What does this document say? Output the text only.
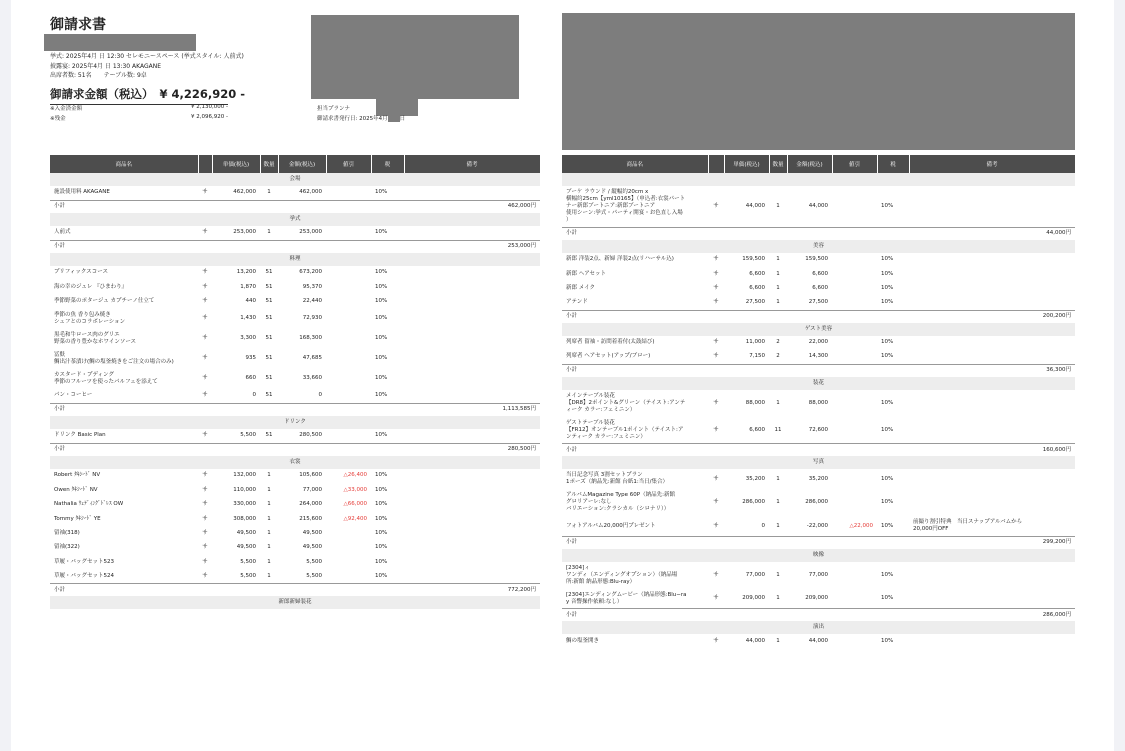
御請求書
挙式: 2025年4月 日 12:30 セレモニースペース (挙式スタイル: 人前式)
披露宴: 2025年4月 日 13:30 AKAGANE
出席者数: 51名　　テーブル数: 9卓
御請求金額（税込） ¥ 4,226,920 -
※入金済金額	¥ 2,130,000 -
※残金	¥ 2,096,920 -
担当プランナ
御請求書発行日: 2025年4月 日
商品名		単価(税込)	数量	金額(税込)	値引	税	備考
会場							
施設使用料 AKAGANE	サ	462,000	1	462,000		10%	
小計				462,000円			
挙式							
人前式	サ	253,000	1	253,000		10%	
小計				253,000円			
料理							
プリフィックスコース	サ	13,200	51	673,200		10%	
海の幸のジュレ 『ひまわり』	サ	1,870	51	95,370		10%	
季節野菜のポタージュ カプチーノ仕立て	サ	440	51	22,440		10%	
季節の魚 香り包み焼き
シェフとのコラボレーション	サ	1,430	51	72,930		10%	
黒毛和牛ロース肉のグリエ
野菜の香り豊かなホワインソース	サ	3,300	51	168,300		10%	
冨麩
鯛出汁茶漬け(鯛の塩釜焼きをご注文の場合のみ)	サ	935	51	47,685		10%	
カスタード・プディング
季節のフルーツを使ったパルフェを添えて	サ	660	51	33,660		10%	
パン・コーヒー	サ	0	51	0		10%	
小計				1,113,585円			
ドリンク							
ドリンク Basic Plan	サ	5,500	51	280,500		10%	
小計				280,500円			
衣裳							
Robert ﾀｷｼｰﾄﾞ NV	サ	132,000	1	105,600	△26,400	10%	
Owen ﾀｷｼｰﾄﾞ NV	サ	110,000	1	77,000	△33,000	10%	
Nathalia ｳｪﾃﾞｨﾝｸﾞﾄﾞﾚｽ OW	サ	330,000	1	264,000	△66,000	10%	
Tommy ﾀｷｼｰﾄﾞ YE	サ	308,000	1	215,600	△92,400	10%	
留袖(318)	サ	49,500	1	49,500		10%	
留袖(322)	サ	49,500	1	49,500		10%	
草履・バッグセット523	サ	5,500	1	5,500		10%	
草履・バッグセット524	サ	5,500	1	5,500		10%	
小計				772,200円			
新郎新婦装花							
商品名		単価(税込)	数量	金額(税込)	値引	税	備考

ブーケ ラウンド / 縦幅約20cm x
横幅約25cm【yml10165】（申込者:衣裳パート
ナー新郎ブートニア:新郎ブートニア
使用シーン:挙式・パーティ開宴・お色直し入場
）	サ	44,000	1	44,000		10%	
小計				44,000円			
美容							
新郎 洋装2点、新婦 洋装2点(リハーサル込)	サ	159,500	1	159,500		10%	
新郎 ヘアセット	サ	6,600	1	6,600		10%	
新郎 メイク	サ	6,600	1	6,600		10%	
アテンド	サ	27,500	1	27,500		10%	
小計				200,200円			
ゲスト美容							
列席者 留袖・訪問着着付(太鼓結び)	サ	11,000	2	22,000		10%	
列席者 ヘアセット(アップ/ブロー)	サ	7,150	2	14,300		10%	
小計				36,300円			
装花							
メインテーブル装花
【DR8】2ポイント&グリーン（テイスト:アンテ
ィーク カラー:フェミニン）	サ	88,000	1	88,000		10%	
ゲストテーブル装花
【FR12】オンテーブル1ポイント（テイスト:ア
ンティーク カラー:フェミニン）	サ	6,600	11	72,600		10%	
小計				160,600円			
写真							
当日記念写真 3割セットプラン
1ポーズ（納品先:新館 台紙1:当日/集合）	サ	35,200	1	35,200		10%	
アルバムMagazine Type 60P（納品先:新館
グロリアーレ:なし
バリエーション:クラシカル（シロナリ））	サ	286,000	1	286,000		10%	
フォトアルバム20,000円プレゼント	サ	0	1	-22,000	△22,000	10%	前撮り割引特典　当日スナップアルバムから
20,000円OFF
小計				299,200円			
映像							
[2304]ィ
ワンディ（エンディングオプション）（納品場
所:新館 納品形態:Blu-ray）	サ	77,000	1	77,000		10%	
[2304]エンディングムービー（納品形態:Blu−ra
y 音響操作依頼:なし）	サ	209,000	1	209,000		10%	
小計				286,000円			
演出							
鯛の塩釜開き	サ	44,000	1	44,000		10%	
